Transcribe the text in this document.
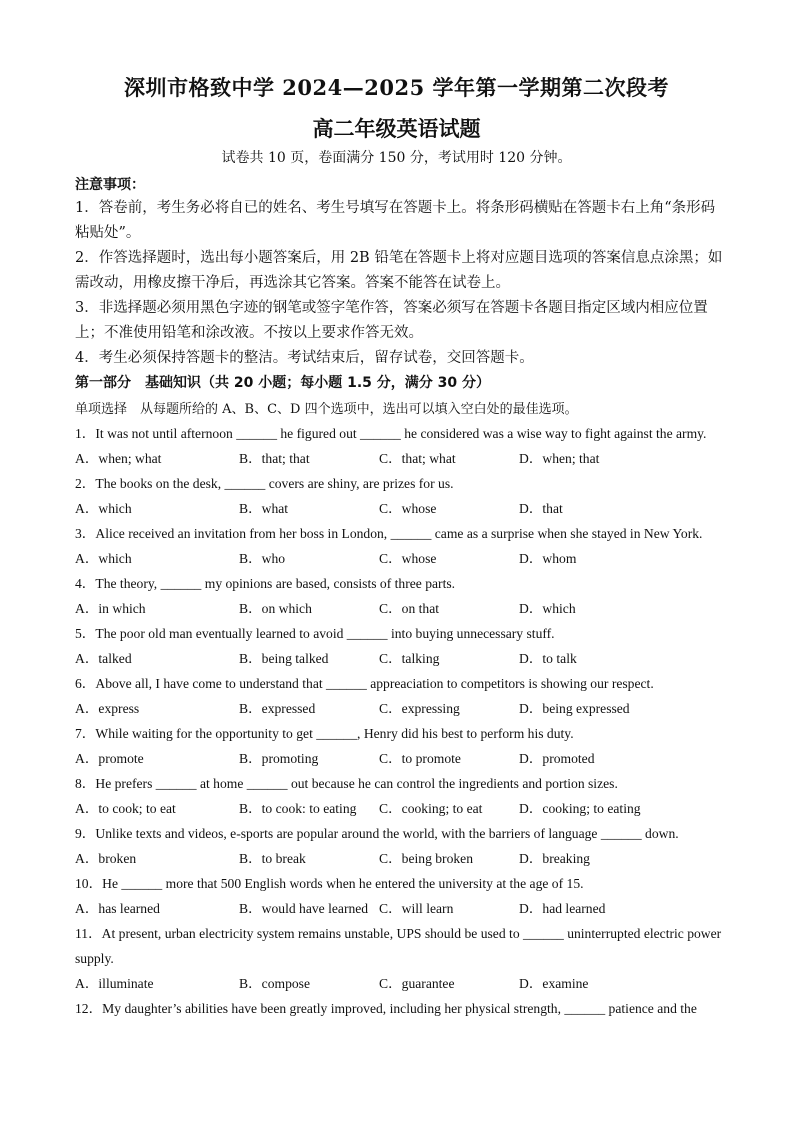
深圳市格致中学 2024—2025 学年第一学期第二次段考
高二年级英语试题
试卷共 10 页，卷面满分 150 分，考试用时 120 分钟。
注意事项：

1．答卷前，考生务必将自已的姓名、考生号填写在答题卡上。将条形码横贴在答题卡右上角“条形码粘贴处”。

2．作答选择题时，选出每小题答案后，用 2B 铅笔在答题卡上将对应题目选项的答案信息点涂黑；如需改动，用橡皮擦干净后，再选涂其它答案。答案不能答在试卷上。

3．非选择题必须用黑色字迹的钢笔或签字笔作答，答案必须写在答题卡各题目指定区域内相应位置上；不准使用铅笔和涂改液。不按以上要求作答无效。

4．考生必须保持答题卡的整洁。考试结束后，留存试卷，交回答题卡。

第一部分　基础知识（共 20 小题；每小题 1.5 分，满分 30 分）
单项选择　从每题所给的 A、B、C、D 四个选项中，选出可以填入空白处的最佳选项。
1．It was not until afternoon ______ he figured out ______ he considered was a wise way to fight against the army.
A．when; what	B．that; that	C．that; what	D．when; that
2．The books on the desk, ______ covers are shiny, are prizes for us.
A．which	B．what	C．whose	D．that
3．Alice received an invitation from her boss in London, ______ came as a surprise when she stayed in New York.
A．which	B．who	C．whose	D．whom
4．The theory, ______ my opinions are based, consists of three parts.
A．in which	B．on which	C．on that	D．which
5．The poor old man eventually learned to avoid ______ into buying unnecessary stuff.
A．talked	B．being talked	C．talking	D．to talk
6．Above all, I have come to understand that ______ appreaciation to competitors is showing our respect.
A．express	B．expressed	C．expressing	D．being expressed
7．While waiting for the opportunity to get ______, Henry did his best to perform his duty.
A．promote	B．promoting	C．to promote	D．promoted
8．He prefers ______ at home ______ out because he can control the ingredients and portion sizes.
A．to cook; to eat	B．to cook: to eating C．cooking; to eat	D．cooking; to eating
9．Unlike texts and videos, e-sports are popular around the world, with the barriers of language ______ down.
A．broken	B．to break	C．being broken	D．breaking
10．He ______ more that 500 English words when he entered the university at the age of 15.
A．has learned	B．would have learned C．will learn	D．had learned
11．At present, urban electricity system remains unstable, UPS should be used to ______ uninterrupted electric power supply.
A．illuminate	B．compose	C．guarantee	D．examine
12．My daughter’s abilities have been greatly improved, including her physical strength, ______ patience and the
